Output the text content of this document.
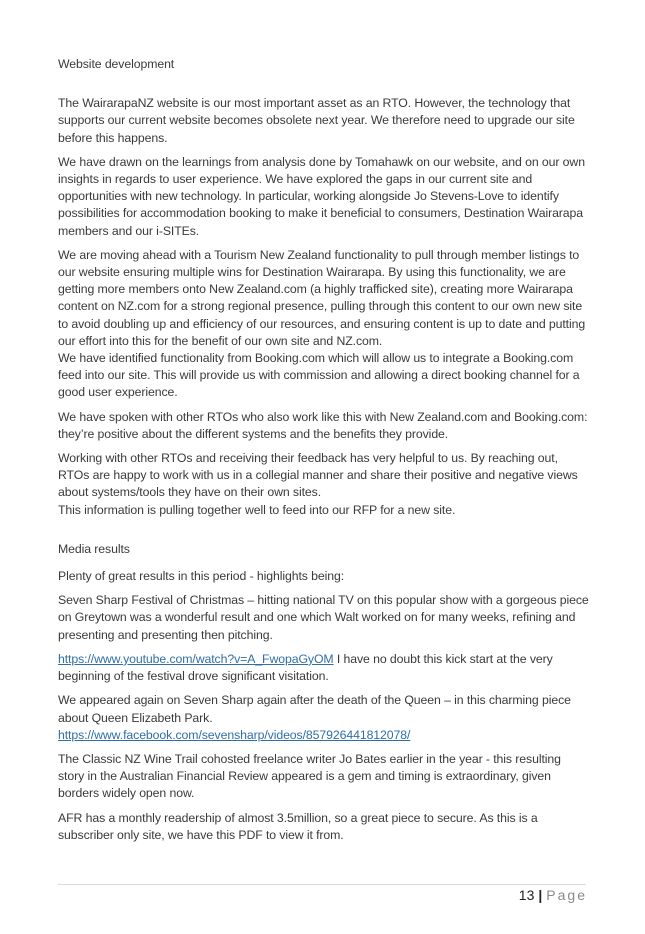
Website development

The WairarapaNZ website is our most important asset as an RTO. However, the technology that supports our current website becomes obsolete next year. We therefore need to upgrade our site before this happens.

We have drawn on the learnings from analysis done by Tomahawk on our website, and on our own insights in regards to user experience. We have explored the gaps in our current site and opportunities with new technology. In particular, working alongside Jo Stevens-Love to identify possibilities for accommodation booking to make it beneficial to consumers, Destination Wairarapa members and our i-SITEs.

We are moving ahead with a Tourism New Zealand functionality to pull through member listings to our website ensuring multiple wins for Destination Wairarapa. By using this functionality, we are getting more members onto New Zealand.com (a highly trafficked site), creating more Wairarapa content on NZ.com for a strong regional presence, pulling through this content to our own new site to avoid doubling up and efficiency of our resources, and ensuring content is up to date and putting our effort into this for the benefit of our own site and NZ.com.

We have identified functionality from Booking.com which will allow us to integrate a Booking.com feed into our site. This will provide us with commission and allowing a direct booking channel for a good user experience.

We have spoken with other RTOs who also work like this with New Zealand.com and Booking.com: they’re positive about the different systems and the benefits they provide.

Working with other RTOs and receiving their feedback has very helpful to us. By reaching out, RTOs are happy to work with us in a collegial manner and share their positive and negative views about systems/tools they have on their own sites.

This information is pulling together well to feed into our RFP for a new site.

Media results

Plenty of great results in this period - highlights being:

Seven Sharp Festival of Christmas – hitting national TV on this popular show with a gorgeous piece on Greytown was a wonderful result and one which Walt worked on for many weeks, refining and presenting and presenting then pitching.

https://www.youtube.com/watch?v=A_FwopaGyOM I have no doubt this kick start at the very beginning of the festival drove significant visitation.

We appeared again on Seven Sharp again after the death of the Queen – in this charming piece about Queen Elizabeth Park.
https://www.facebook.com/sevensharp/videos/857926441812078/

The Classic NZ Wine Trail cohosted freelance writer Jo Bates earlier in the year - this resulting story in the Australian Financial Review appeared is a gem and timing is extraordinary, given borders widely open now.

AFR has a monthly readership of almost 3.5million, so a great piece to secure. As this is a subscriber only site, we have this PDF to view it from.

13 | Page
